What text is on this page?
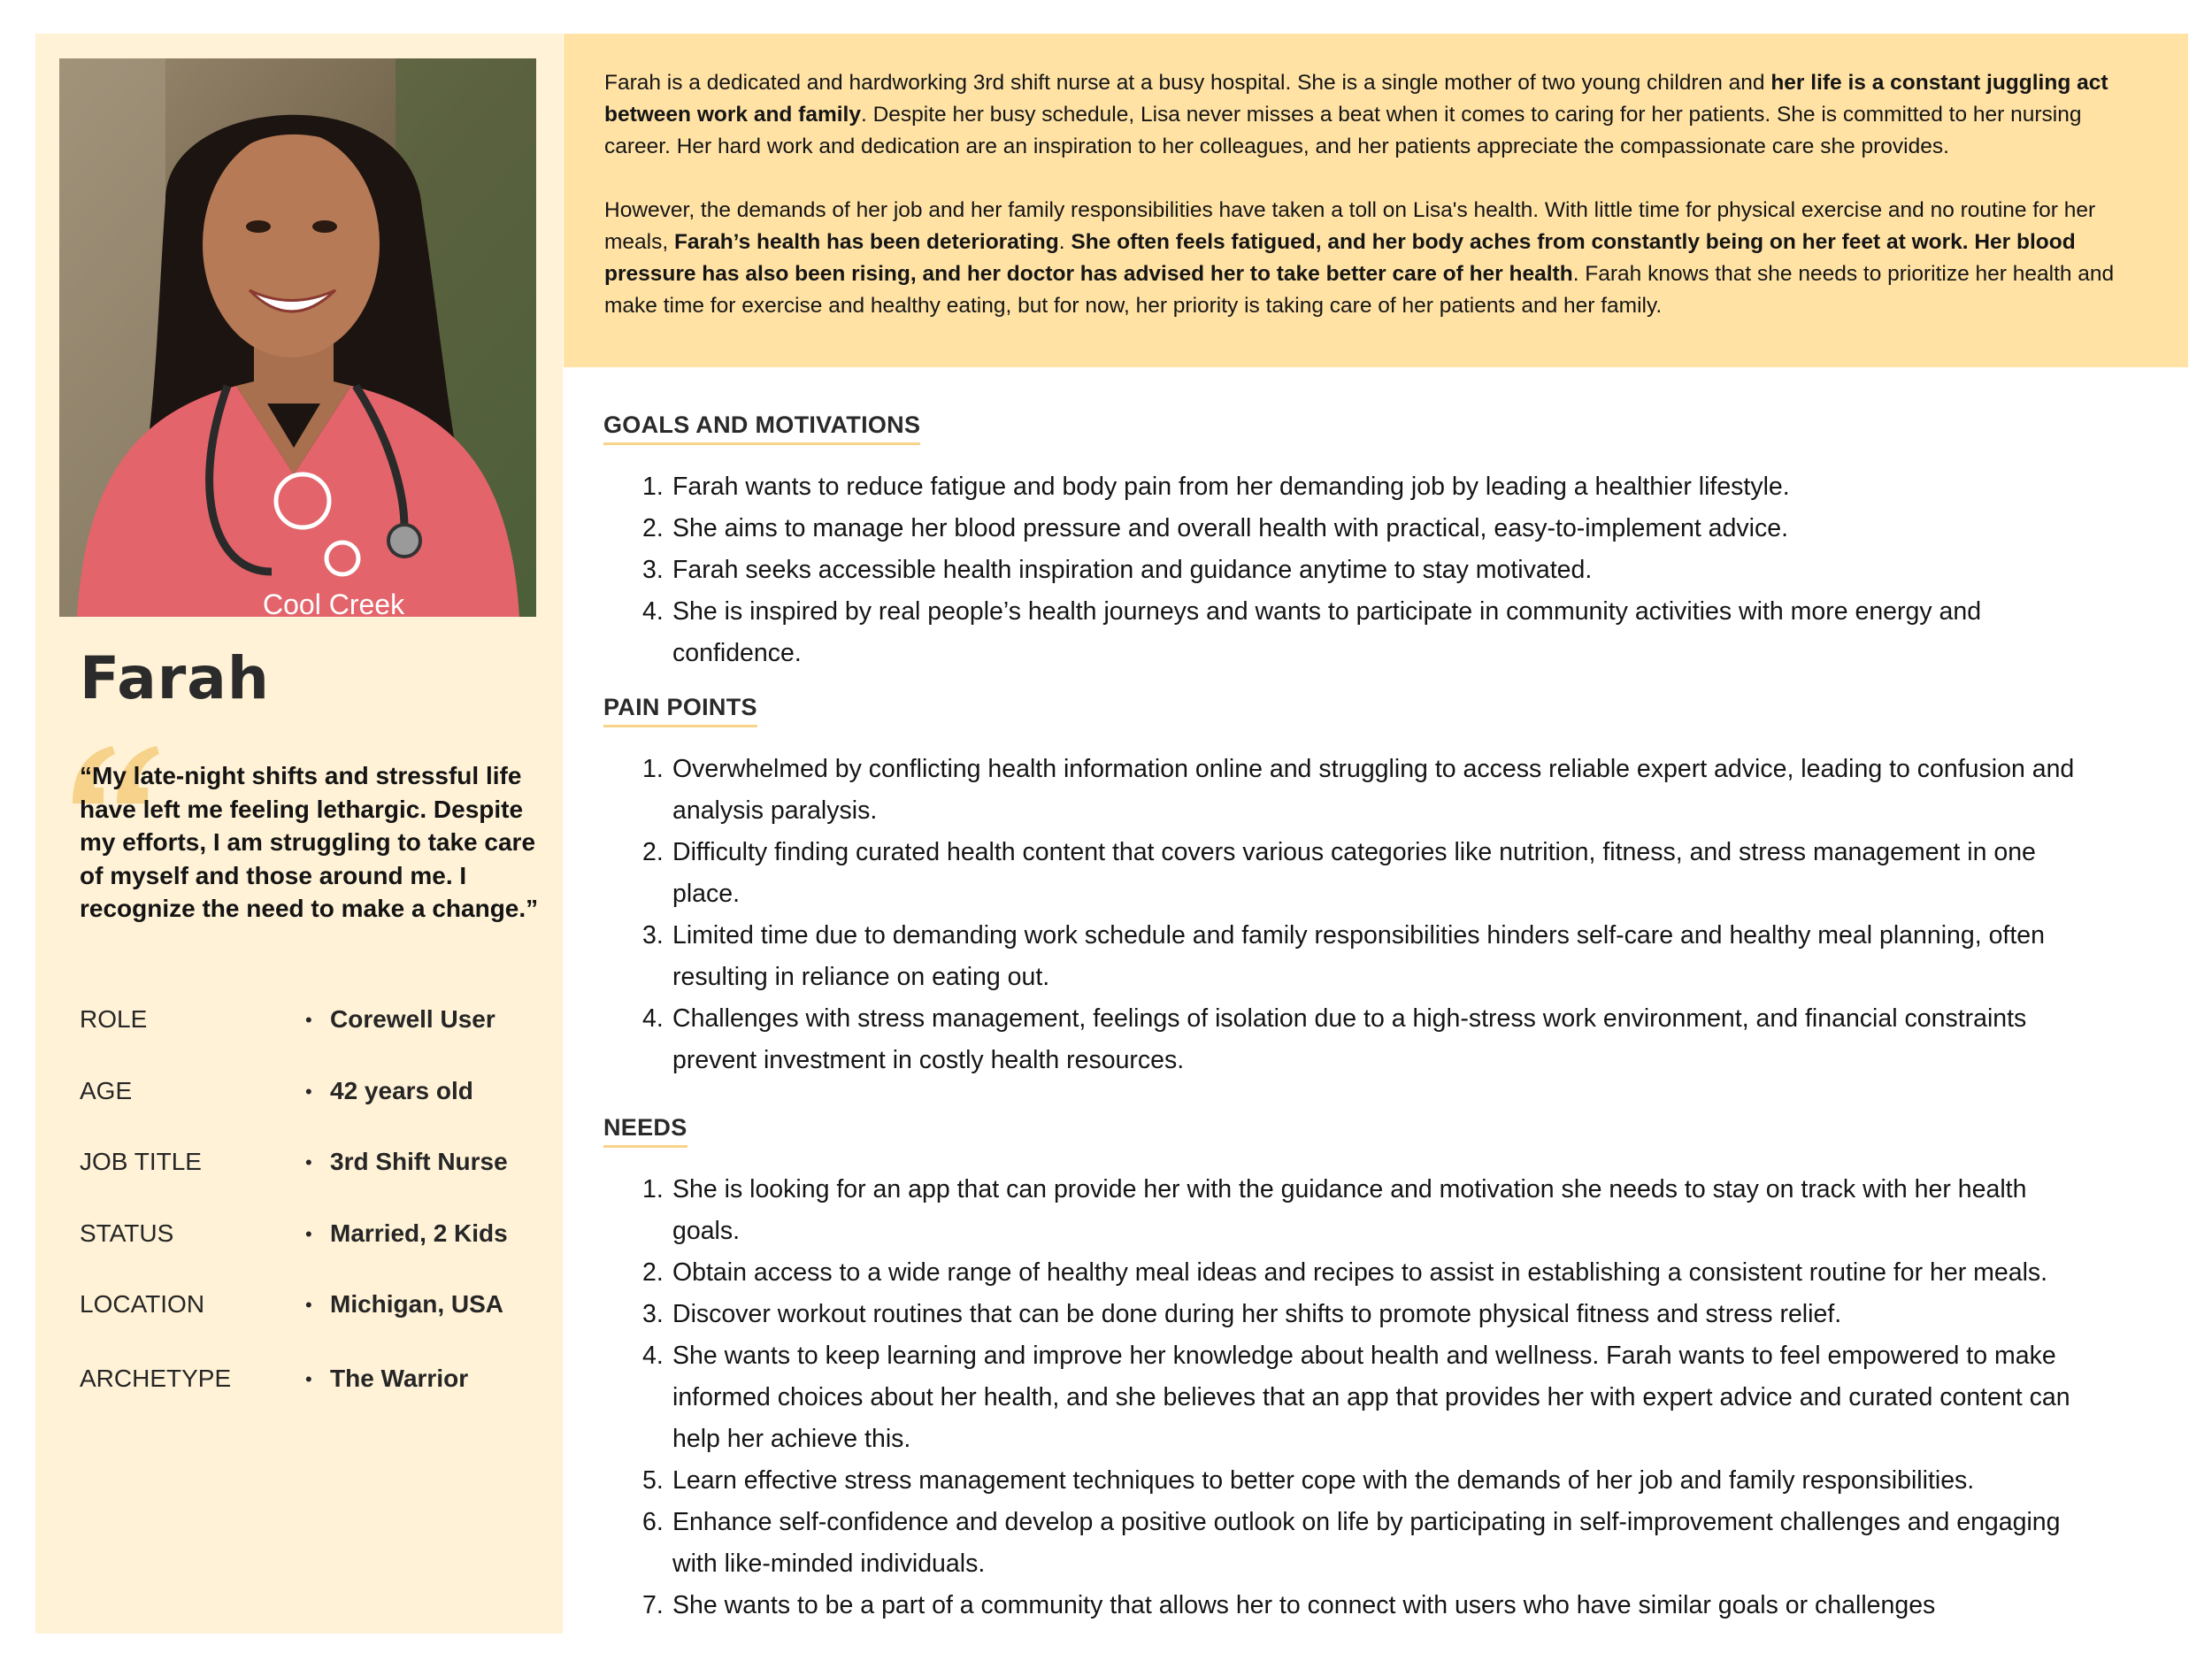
Cool Creek
Farah
“My late-night shifts and stressful life have left me feeling lethargic. Despite my efforts, I am struggling to take care of myself and those around me. I recognize the need to make a change.”
ROLE	• Corewell User
AGE	• 42 years old
JOB TITLE	• 3rd Shift Nurse
STATUS	• Married, 2 Kids
LOCATION	• Michigan, USA
ARCHETYPE	• The Warrior

Farah is a dedicated and hardworking 3rd shift nurse at a busy hospital. She is a single mother of two young children and her life is a constant juggling act between work and family. Despite her busy schedule, Lisa never misses a beat when it comes to caring for her patients. She is committed to her nursing career. Her hard work and dedication are an inspiration to her colleagues, and her patients appreciate the compassionate care she provides.

However, the demands of her job and her family responsibilities have taken a toll on Lisa's health. With little time for physical exercise and no routine for her meals, Farah’s health has been deteriorating. She often feels fatigued, and her body aches from constantly being on her feet at work. Her blood pressure has also been rising, and her doctor has advised her to take better care of her health. Farah knows that she needs to prioritize her health and make time for exercise and healthy eating, but for now, her priority is taking care of her patients and her family.

GOALS AND MOTIVATIONS
1. Farah wants to reduce fatigue and body pain from her demanding job by leading a healthier lifestyle.
2. She aims to manage her blood pressure and overall health with practical, easy-to-implement advice.
3. Farah seeks accessible health inspiration and guidance anytime to stay motivated.
4. She is inspired by real people’s health journeys and wants to participate in community activities with more energy and confidence.
PAIN POINTS
1. Overwhelmed by conflicting health information online and struggling to access reliable expert advice, leading to confusion and analysis paralysis.
2. Difficulty finding curated health content that covers various categories like nutrition, fitness, and stress management in one place.
3. Limited time due to demanding work schedule and family responsibilities hinders self-care and healthy meal planning, often resulting in reliance on eating out.
4. Challenges with stress management, feelings of isolation due to a high-stress work environment, and financial constraints prevent investment in costly health resources.
NEEDS
1. She is looking for an app that can provide her with the guidance and motivation she needs to stay on track with her health goals.
2. Obtain access to a wide range of healthy meal ideas and recipes to assist in establishing a consistent routine for her meals.
3. Discover workout routines that can be done during her shifts to promote physical fitness and stress relief.
4. She wants to keep learning and improve her knowledge about health and wellness. Farah wants to feel empowered to make informed choices about her health, and she believes that an app that provides her with expert advice and curated content can help her achieve this.
5. Learn effective stress management techniques to better cope with the demands of her job and family responsibilities.
6. Enhance self-confidence and develop a positive outlook on life by participating in self-improvement challenges and engaging with like-minded individuals.
7. She wants to be a part of a community that allows her to connect with users who have similar goals or challenges
